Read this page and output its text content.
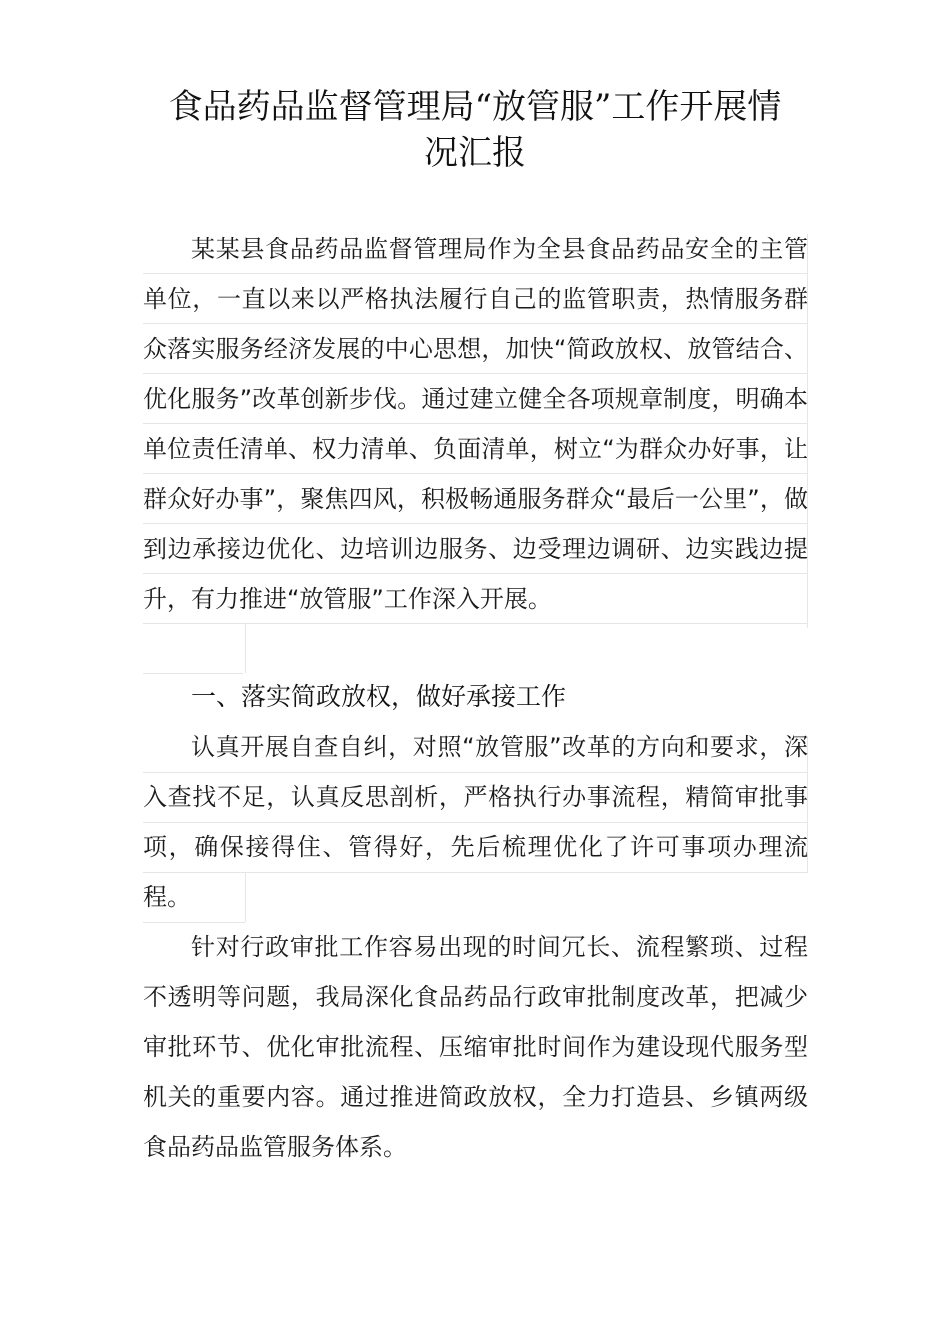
食品药品监督管理局“放管服”工作开展情
况汇报

某某县食品药品监督管理局作为全县食品药品安全的主管单位，一直以来以严格执法履行自己的监管职责，热情服务群众落实服务经济发展的中心思想，加快“简政放权、放管结合、优化服务”改革创新步伐。通过建立健全各项规章制度，明确本单位责任清单、权力清单、负面清单，树立“为群众办好事，让群众好办事”，聚焦四风，积极畅通服务群众“最后一公里”，做到边承接边优化、边培训边服务、边受理边调研、边实践边提升，有力推进“放管服”工作深入开展。

一、落实简政放权，做好承接工作

认真开展自查自纠，对照“放管服”改革的方向和要求，深入查找不足，认真反思剖析，严格执行办事流程，精简审批事项，确保接得住、管得好，先后梳理优化了许可事项办理流程。

针对行政审批工作容易出现的时间冗长、流程繁琐、过程不透明等问题，我局深化食品药品行政审批制度改革，把减少审批环节、优化审批流程、压缩审批时间作为建设现代服务型机关的重要内容。通过推进简政放权，全力打造县、乡镇两级食品药品监管服务体系。
